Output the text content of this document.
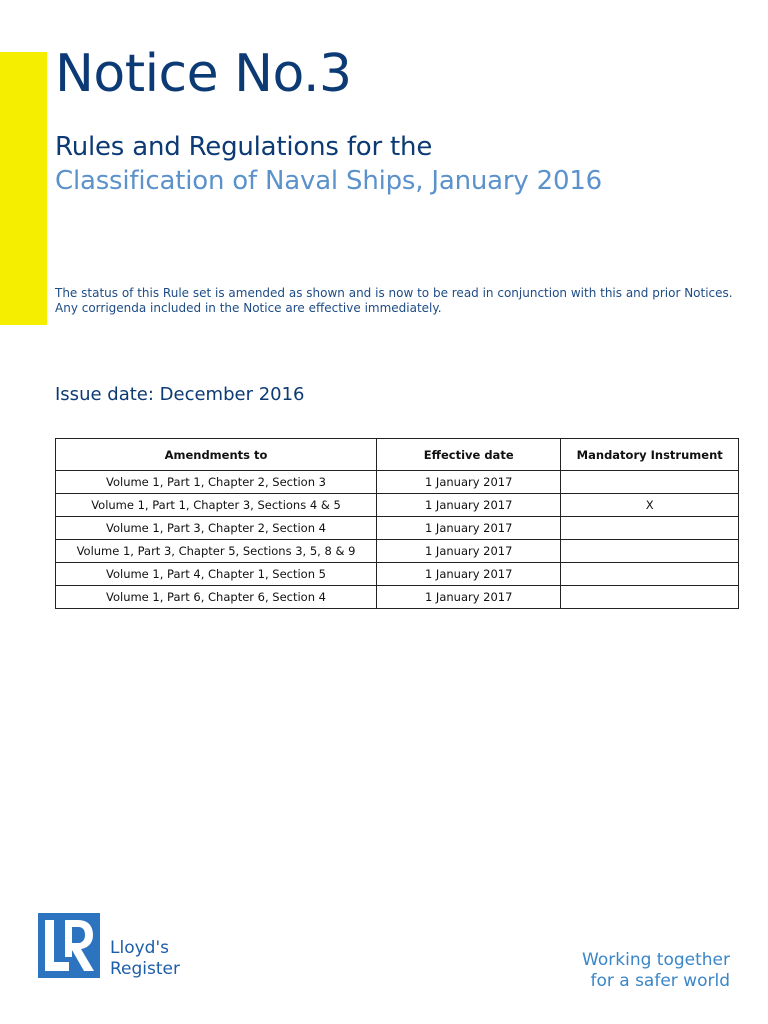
Notice No.3
Rules and Regulations for the
Classification of Naval Ships, January 2016
The status of this Rule set is amended as shown and is now to be read in conjunction with this and prior Notices.
Any corrigenda included in the Notice are effective immediately.
Issue date: December 2016
Amendments to	Effective date	Mandatory Instrument
Volume 1, Part 1, Chapter 2, Section 3	1 January 2017	
Volume 1, Part 1, Chapter 3, Sections 4 & 5	1 January 2017	X
Volume 1, Part 3, Chapter 2, Section 4	1 January 2017	
Volume 1, Part 3, Chapter 5, Sections 3, 5, 8 & 9	1 January 2017	
Volume 1, Part 4, Chapter 1, Section 5	1 January 2017	
Volume 1, Part 6, Chapter 6, Section 4	1 January 2017	
Lloyd's
Register	Working together
for a safer world
